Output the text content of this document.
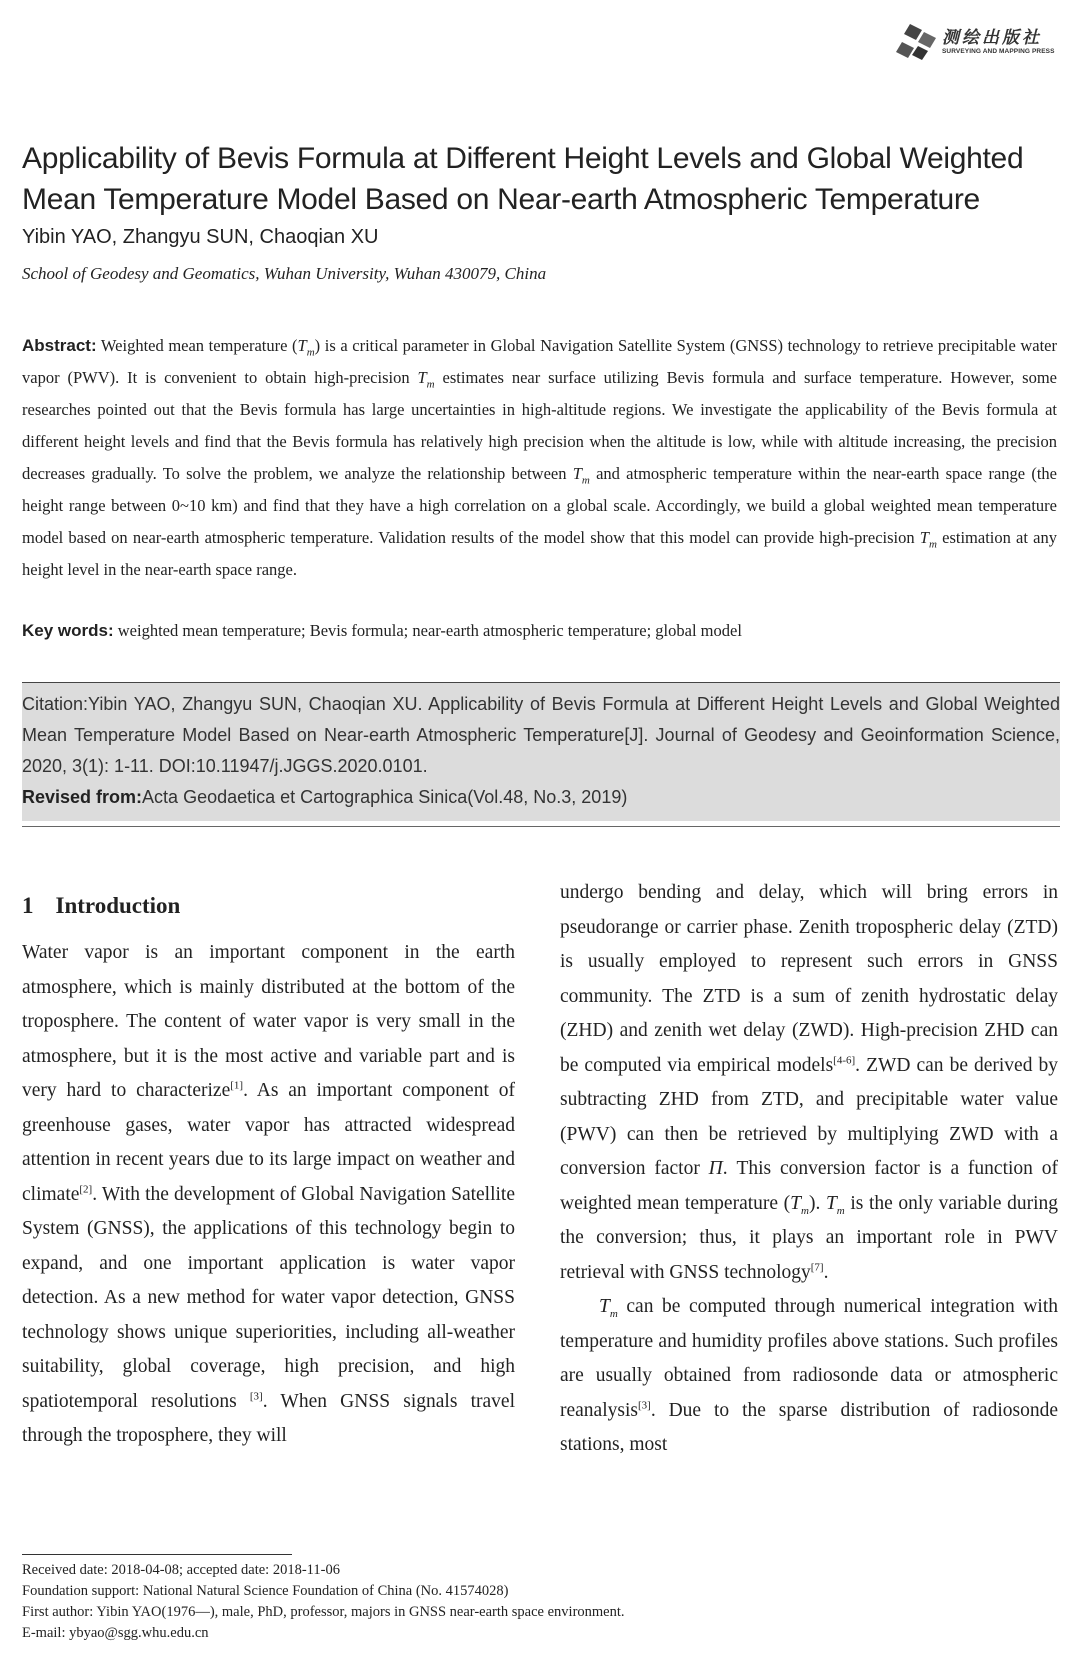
测绘出版社
SURVEYING AND MAPPING PRESS
Applicability of Bevis Formula at Different Height Levels and Global Weighted Mean Temperature Model Based on Near-earth Atmospheric Temperature
Yibin YAO, Zhangyu SUN, Chaoqian XU
School of Geodesy and Geomatics, Wuhan University, Wuhan 430079, China
Abstract: Weighted mean temperature $(T_m)$ is a critical parameter in Global Navigation Satellite System (GNSS) technology to retrieve precipitable water vapor (PWV). It is convenient to obtain high-precision $T_m$ estimates near surface utilizing Bevis formula and surface temperature. However, some researches pointed out that the Bevis formula has large uncertainties in high-altitude regions. We investigate the applicability of the Bevis formula at different height levels and find that the Bevis formula has relatively high precision when the altitude is low, while with altitude increasing, the precision decreases gradually. To solve the problem, we analyze the relationship between $T_m$ and atmospheric temperature within the near-earth space range (the height range between 0~10 km) and find that they have a high correlation on a global scale. Accordingly, we build a global weighted mean temperature model based on near-earth atmospheric temperature. Validation results of the model show that this model can provide high-precision $T_m$ estimation at any height level in the near-earth space range.
Key words: weighted mean temperature; Bevis formula; near-earth atmospheric temperature; global model
Citation:Yibin YAO, Zhangyu SUN, Chaoqian XU. Applicability of Bevis Formula at Different Height Levels and Global Weighted Mean Temperature Model Based on Near-earth Atmospheric Temperature[J]. Journal of Geodesy and Geoinformation Science, 2020, 3(1): 1-11. DOI:10.11947/j.JGGS.2020.0101.
Revised from:Acta Geodaetica et Cartographica Sinica(Vol.48, No.3, 2019)
1 Introduction
Water vapor is an important component in the earth atmosphere, which is mainly distributed at the bottom of the troposphere. The content of water vapor is very small in the atmosphere, but it is the most active and variable part and is very hard to characterize[1]. As an important component of greenhouse gases, water vapor has attracted widespread attention in recent years due to its large impact on weather and climate[2]. With the development of Global Navigation Satellite System (GNSS), the applications of this technology begin to expand, and one important application is water vapor detection. As a new method for water vapor detection, GNSS technology shows unique superiorities, including all-weather suitability, global coverage, high precision, and high spatiotemporal resolutions [3]. When GNSS signals travel through the troposphere, they will
undergo bending and delay, which will bring errors in pseudorange or carrier phase. Zenith tropospheric delay (ZTD) is usually employed to represent such errors in GNSS community. The ZTD is a sum of zenith hydrostatic delay (ZHD) and zenith wet delay (ZWD). High-precision ZHD can be computed via empirical models[4-6]. ZWD can be derived by subtracting ZHD from ZTD, and precipitable water value (PWV) can then be retrieved by multiplying ZWD with a conversion factor Π. This conversion factor is a function of weighted mean temperature $(T_m)$. $T_m$ is the only variable during the conversion; thus, it plays an important role in PWV retrieval with GNSS technology[7].
$T_m$ can be computed through numerical integration with temperature and humidity profiles above stations. Such profiles are usually obtained from radiosonde data or atmospheric reanalysis[3]. Due to the sparse distribution of radiosonde stations, most
Received date: 2018-04-08; accepted date: 2018-11-06
Foundation support: National Natural Science Foundation of China (No. 41574028)
First author: Yibin YAO(1976—), male, PhD, professor, majors in GNSS near-earth space environment.
E-mail: ybyao@sgg.whu.edu.cn
